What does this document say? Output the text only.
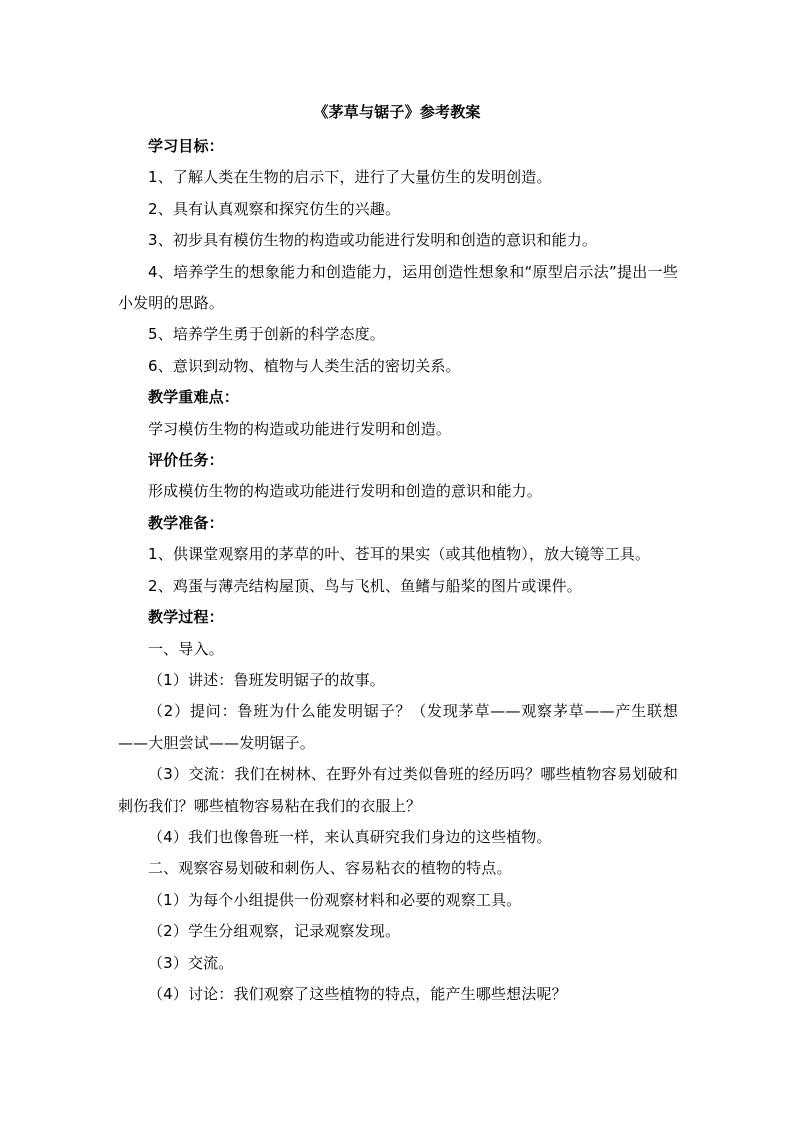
《茅草与锯子》参考教案
学习目标：
1、了解人类在生物的启示下，进行了大量仿生的发明创造。
2、具有认真观察和探究仿生的兴趣。
3、初步具有模仿生物的构造或功能进行发明和创造的意识和能力。
4、培养学生的想象能力和创造能力，运用创造性想象和“原型启示法”提出一些小发明的思路。
5、培养学生勇于创新的科学态度。
6、意识到动物、植物与人类生活的密切关系。
教学重难点：
学习模仿生物的构造或功能进行发明和创造。
评价任务：
形成模仿生物的构造或功能进行发明和创造的意识和能力。
教学准备：
1、供课堂观察用的茅草的叶、苍耳的果实（或其他植物），放大镜等工具。
2、鸡蛋与薄壳结构屋顶、鸟与飞机、鱼鳍与船桨的图片或课件。
教学过程：
一、导入。
（1）讲述：鲁班发明锯子的故事。
（2）提问：鲁班为什么能发明锯子？（发现茅草——观察茅草——产生联想——大胆尝试——发明锯子。
（3）交流：我们在树林、在野外有过类似鲁班的经历吗？哪些植物容易划破和刺伤我们？哪些植物容易粘在我们的衣服上？
（4）我们也像鲁班一样，来认真研究我们身边的这些植物。
二、观察容易划破和刺伤人、容易粘衣的植物的特点。
（1）为每个小组提供一份观察材料和必要的观察工具。
（2）学生分组观察，记录观察发现。
（3）交流。
（4）讨论：我们观察了这些植物的特点，能产生哪些想法呢？
